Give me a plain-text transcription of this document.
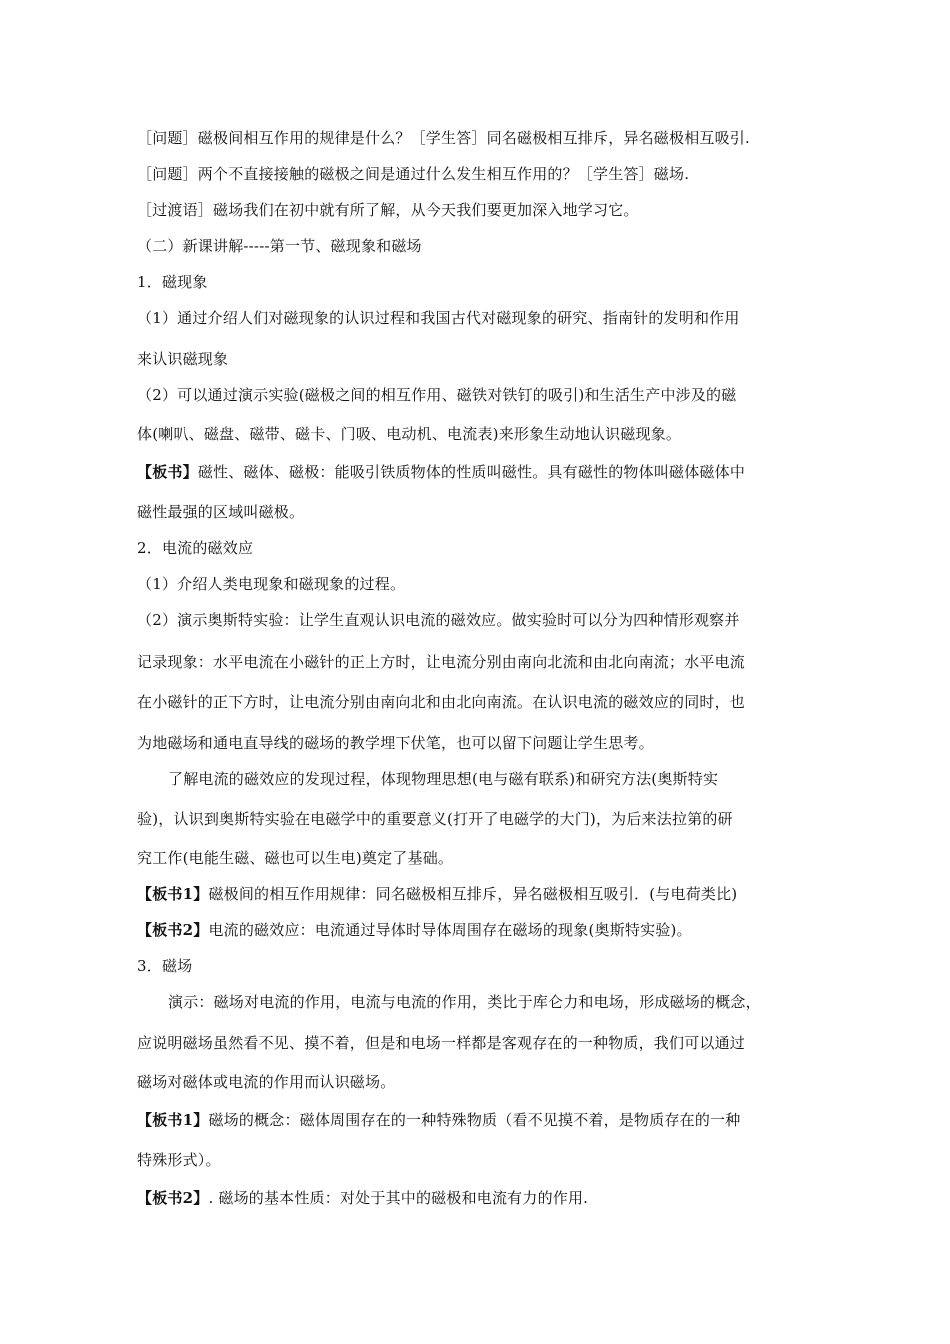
［问题］磁极间相互作用的规律是什么？［学生答］同名磁极相互排斥，异名磁极相互吸引.
［问题］两个不直接接触的磁极之间是通过什么发生相互作用的？［学生答］磁场.
［过渡语］磁场我们在初中就有所了解，从今天我们要更加深入地学习它。
（二）新课讲解-----第一节、磁现象和磁场
1．磁现象
（1）通过介绍人们对磁现象的认识过程和我国古代对磁现象的研究、指南针的发明和作用
来认识磁现象
（2）可以通过演示实验(磁极之间的相互作用、磁铁对铁钉的吸引)和生活生产中涉及的磁
体(喇叭、磁盘、磁带、磁卡、门吸、电动机、电流表)来形象生动地认识磁现象。
【板书】磁性、磁体、磁极：能吸引铁质物体的性质叫磁性。具有磁性的物体叫磁体磁体中
磁性最强的区域叫磁极。
2．电流的磁效应
（1）介绍人类电现象和磁现象的过程。
（2）演示奥斯特实验：让学生直观认识电流的磁效应。做实验时可以分为四种情形观察并
记录现象：水平电流在小磁针的正上方时，让电流分别由南向北流和由北向南流；水平电流
在小磁针的正下方时，让电流分别由南向北和由北向南流。在认识电流的磁效应的同时，也
为地磁场和通电直导线的磁场的教学埋下伏笔，也可以留下问题让学生思考。
了解电流的磁效应的发现过程，体现物理思想(电与磁有联系)和研究方法(奥斯特实
验)，认识到奥斯特实验在电磁学中的重要意义(打开了电磁学的大门)，为后来法拉第的研
究工作(电能生磁、磁也可以生电)奠定了基础。
【板书1】磁极间的相互作用规律：同名磁极相互排斥，异名磁极相互吸引．(与电荷类比)
【板书2】电流的磁效应：电流通过导体时导体周围存在磁场的现象(奥斯特实验)。
3．磁场
演示：磁场对电流的作用，电流与电流的作用，类比于库仑力和电场，形成磁场的概念，
应说明磁场虽然看不见、摸不着，但是和电场一样都是客观存在的一种物质，我们可以通过
磁场对磁体或电流的作用而认识磁场。
【板书1】磁场的概念：磁体周围存在的一种特殊物质（看不见摸不着，是物质存在的一种
特殊形式）。
【板书2】. 磁场的基本性质：对处于其中的磁极和电流有力的作用.
